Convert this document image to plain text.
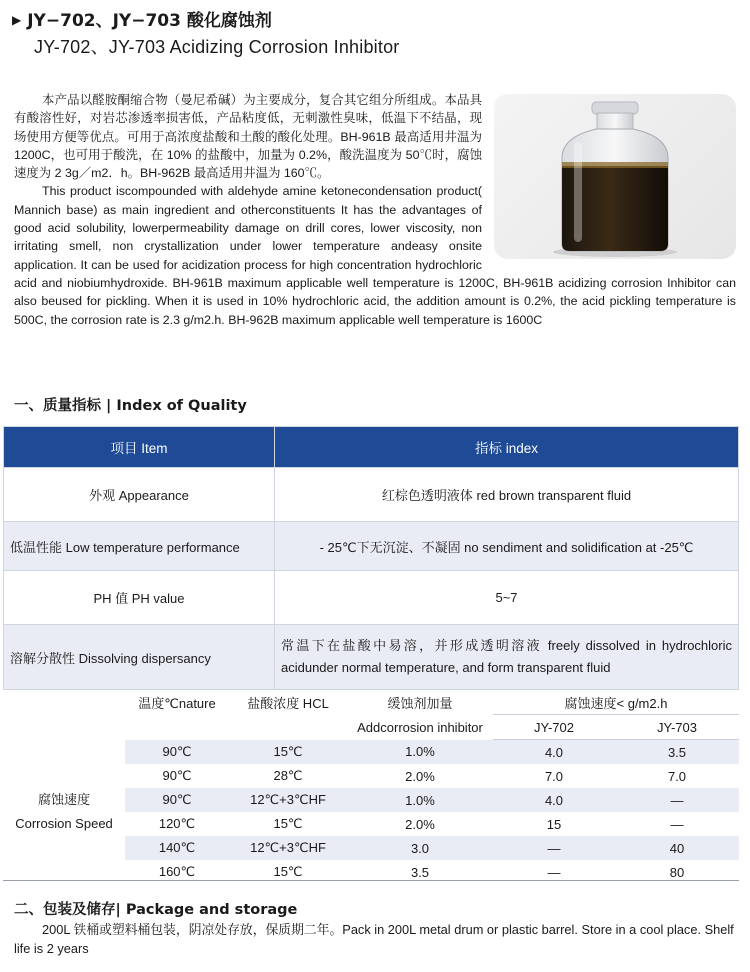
▶ JY−702、JY−703 酸化腐蚀剂
JY-702、JY-703 Acidizing Corrosion Inhibitor

本产品以醛胺酮缩合物（曼尼希碱）为主要成分，复合其它组分所组成。本品具有酸溶性好，对岩芯渗透率损害低，产品粘度低，无刺激性臭味，低温下不结晶，现场使用方便等优点。可用于高浓度盐酸和土酸的酸化处理。BH-961B 最高适用井温为 1200C，也可用于酸洗，在 10% 的盐酸中，加量为 0.2%，酸洗温度为 50℃时，腐蚀速度为 2 3g／m2．h。BH-962B 最高适用井温为 160℃。

This product iscompounded with aldehyde amine ketonecondensation product( Mannich base) as main ingredient and otherconstituents It has the advantages of good acid solubility, lowerpermeability damage on drill cores, lower viscosity, non irritating smell, non crystallization under lower temperature andeasy onsite application. It can be used for acidization process for high concentration hydrochloric acid and niobiumhydroxide. BH-961B maximum applicable well temperature is 1200C, BH-961B acidizing corrosion Inhibitor can also beused for pickling. When it is used in 10% hydrochloric acid, the addition amount is 0.2%, the acid pickling temperature is 500C, the corrosion rate is 2.3 g/m2.h. BH-962B maximum applicable well temperature is 1600C

一、质量指标 | Index of Quality
项目 Item	指标 index
外观 Appearance	红棕色透明液体 red brown transparent fluid
低温性能 Low temperature performance	- 25℃下无沉淀、不凝固 no sendiment and solidification at -25℃
PH 值 PH value	5~7
溶解分散性 Dissolving dispersancy	常温下在盐酸中易溶，并形成透明溶液 freely dissolved in hydrochloric acidunder normal temperature, and form transparent fluid
	温度℃nature	盐酸浓度 HCL	缓蚀剂加量	腐蚀速度< g/m2.h	
			Addcorrosion inhibitor	JY-702	JY-703
腐蚀速度
Corrosion Speed	90℃	15℃	1.0%	4.0	3.5
	90℃	28℃	2.0%	7.0	7.0
	90℃	12℃+3℃HF	1.0%	4.0	—
	120℃	15℃	2.0%	15	—
	140℃	12℃+3℃HF	3.0	—	40
	160℃	15℃	3.5	—	80
二、包装及储存| Package and storage

200L 铁桶或塑料桶包装，阴凉处存放，保质期二年。Pack in 200L metal drum or plastic barrel. Store in a cool place. Shelf life is 2 years
